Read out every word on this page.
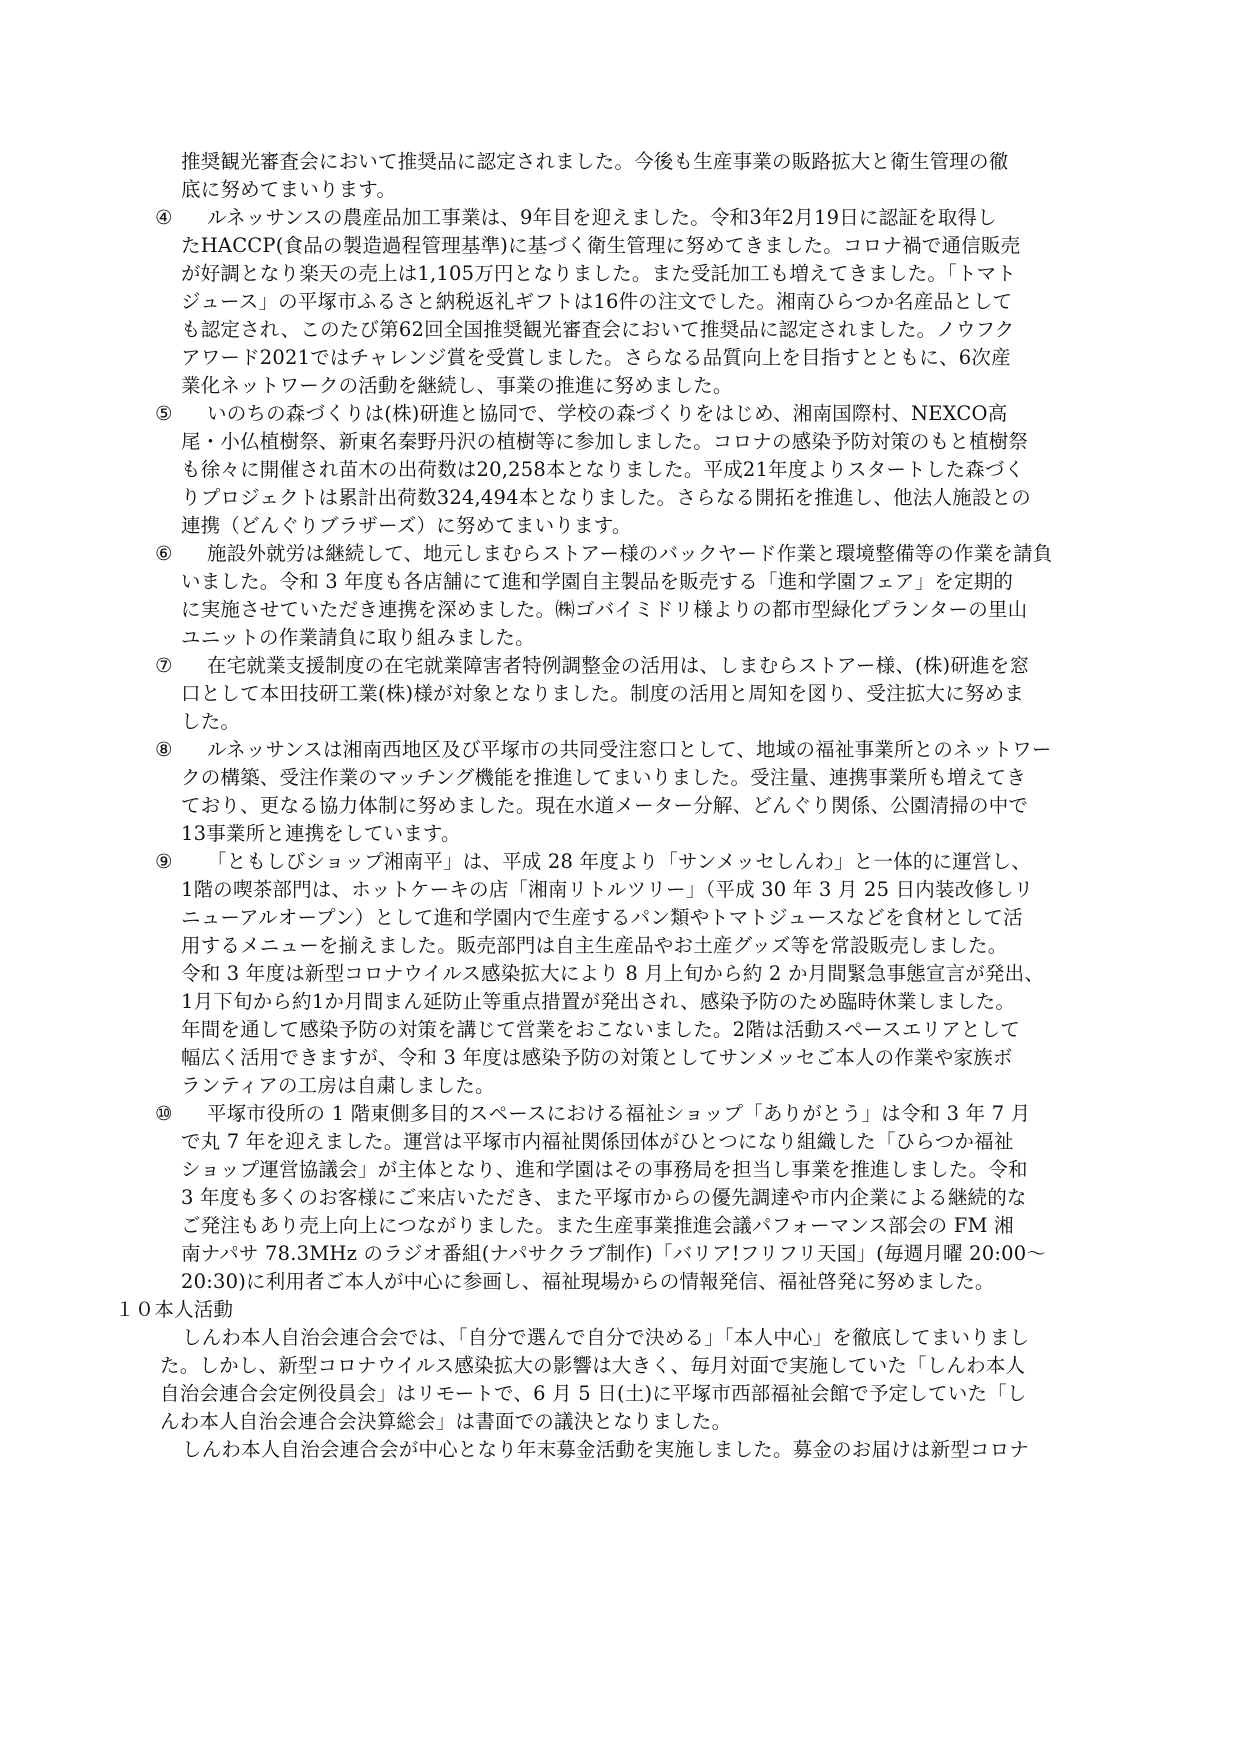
推奨観光審査会において推奨品に認定されました。今後も生産事業の販路拡大と衛生管理の徹
底に努めてまいります。
④ ルネッサンスの農産品加工事業は、9年目を迎えました。令和3年2月19日に認証を取得し
たHACCP(食品の製造過程管理基準)に基づく衛生管理に努めてきました。コロナ禍で通信販売
が好調となり楽天の売上は1,105万円となりました。また受託加工も増えてきました。「トマト
ジュース」の平塚市ふるさと納税返礼ギフトは16件の注文でした。湘南ひらつか名産品として
も認定され、このたび第62回全国推奨観光審査会において推奨品に認定されました。ノウフク
アワード2021ではチャレンジ賞を受賞しました。さらなる品質向上を目指すとともに、6次産
業化ネットワークの活動を継続し、事業の推進に努めました。
⑤ いのちの森づくりは(株)研進と協同で、学校の森づくりをはじめ、湘南国際村、NEXCO高
尾・小仏植樹祭、新東名秦野丹沢の植樹等に参加しました。コロナの感染予防対策のもと植樹祭
も徐々に開催され苗木の出荷数は20,258本となりました。平成21年度よりスタートした森づく
りプロジェクトは累計出荷数324,494本となりました。さらなる開拓を推進し、他法人施設との
連携（どんぐりブラザーズ）に努めてまいります。
⑥ 施設外就労は継続して、地元しまむらストアー様のバックヤード作業と環境整備等の作業を請負
いました。令和 3 年度も各店舗にて進和学園自主製品を販売する「進和学園フェア」を定期的
に実施させていただき連携を深めました。㈱ゴバイミドリ様よりの都市型緑化プランターの里山
ユニットの作業請負に取り組みました。
⑦ 在宅就業支援制度の在宅就業障害者特例調整金の活用は、しまむらストアー様、(株)研進を窓
口として本田技研工業(株)様が対象となりました。制度の活用と周知を図り、受注拡大に努めま
した。
⑧ ルネッサンスは湘南西地区及び平塚市の共同受注窓口として、地域の福祉事業所とのネットワー
クの構築、受注作業のマッチング機能を推進してまいりました。受注量、連携事業所も増えてき
ており、更なる協力体制に努めました。現在水道メーター分解、どんぐり関係、公園清掃の中で
13事業所と連携をしています。
⑨ 「ともしびショップ湘南平」は、平成 28 年度より「サンメッセしんわ」と一体的に運営し、
1階の喫茶部門は、ホットケーキの店「湘南リトルツリー」（平成 30 年 3 月 25 日内装改修しリ
ニューアルオープン）として進和学園内で生産するパン類やトマトジュースなどを食材として活
用するメニューを揃えました。販売部門は自主生産品やお土産グッズ等を常設販売しました。
令和 3 年度は新型コロナウイルス感染拡大により 8 月上旬から約 2 か月間緊急事態宣言が発出、
1月下旬から約1か月間まん延防止等重点措置が発出され、感染予防のため臨時休業しました。
年間を通して感染予防の対策を講じて営業をおこないました。2階は活動スペースエリアとして
幅広く活用できますが、令和 3 年度は感染予防の対策としてサンメッセご本人の作業や家族ボ
ランティアの工房は自粛しました。
⑩ 平塚市役所の 1 階東側多目的スペースにおける福祉ショップ「ありがとう」は令和 3 年 7 月
で丸 7 年を迎えました。運営は平塚市内福祉関係団体がひとつになり組織した「ひらつか福祉
ショップ運営協議会」が主体となり、進和学園はその事務局を担当し事業を推進しました。令和
3 年度も多くのお客様にご来店いただき、また平塚市からの優先調達や市内企業による継続的な
ご発注もあり売上向上につながりました。また生産事業推進会議パフォーマンス部会の FM 湘
南ナパサ 78.3MHz のラジオ番組(ナパサクラブ制作)「バリア!フリフリ天国」(毎週月曜 20:00～
20:30)に利用者ご本人が中心に参画し、福祉現場からの情報発信、福祉啓発に努めました。
１０本人活動
しんわ本人自治会連合会では、「自分で選んで自分で決める」「本人中心」を徹底してまいりまし
た。しかし、新型コロナウイルス感染拡大の影響は大きく、毎月対面で実施していた「しんわ本人
自治会連合会定例役員会」はリモートで、6 月 5 日(土)に平塚市西部福祉会館で予定していた「し
んわ本人自治会連合会決算総会」は書面での議決となりました。
しんわ本人自治会連合会が中心となり年末募金活動を実施しました。募金のお届けは新型コロナ
